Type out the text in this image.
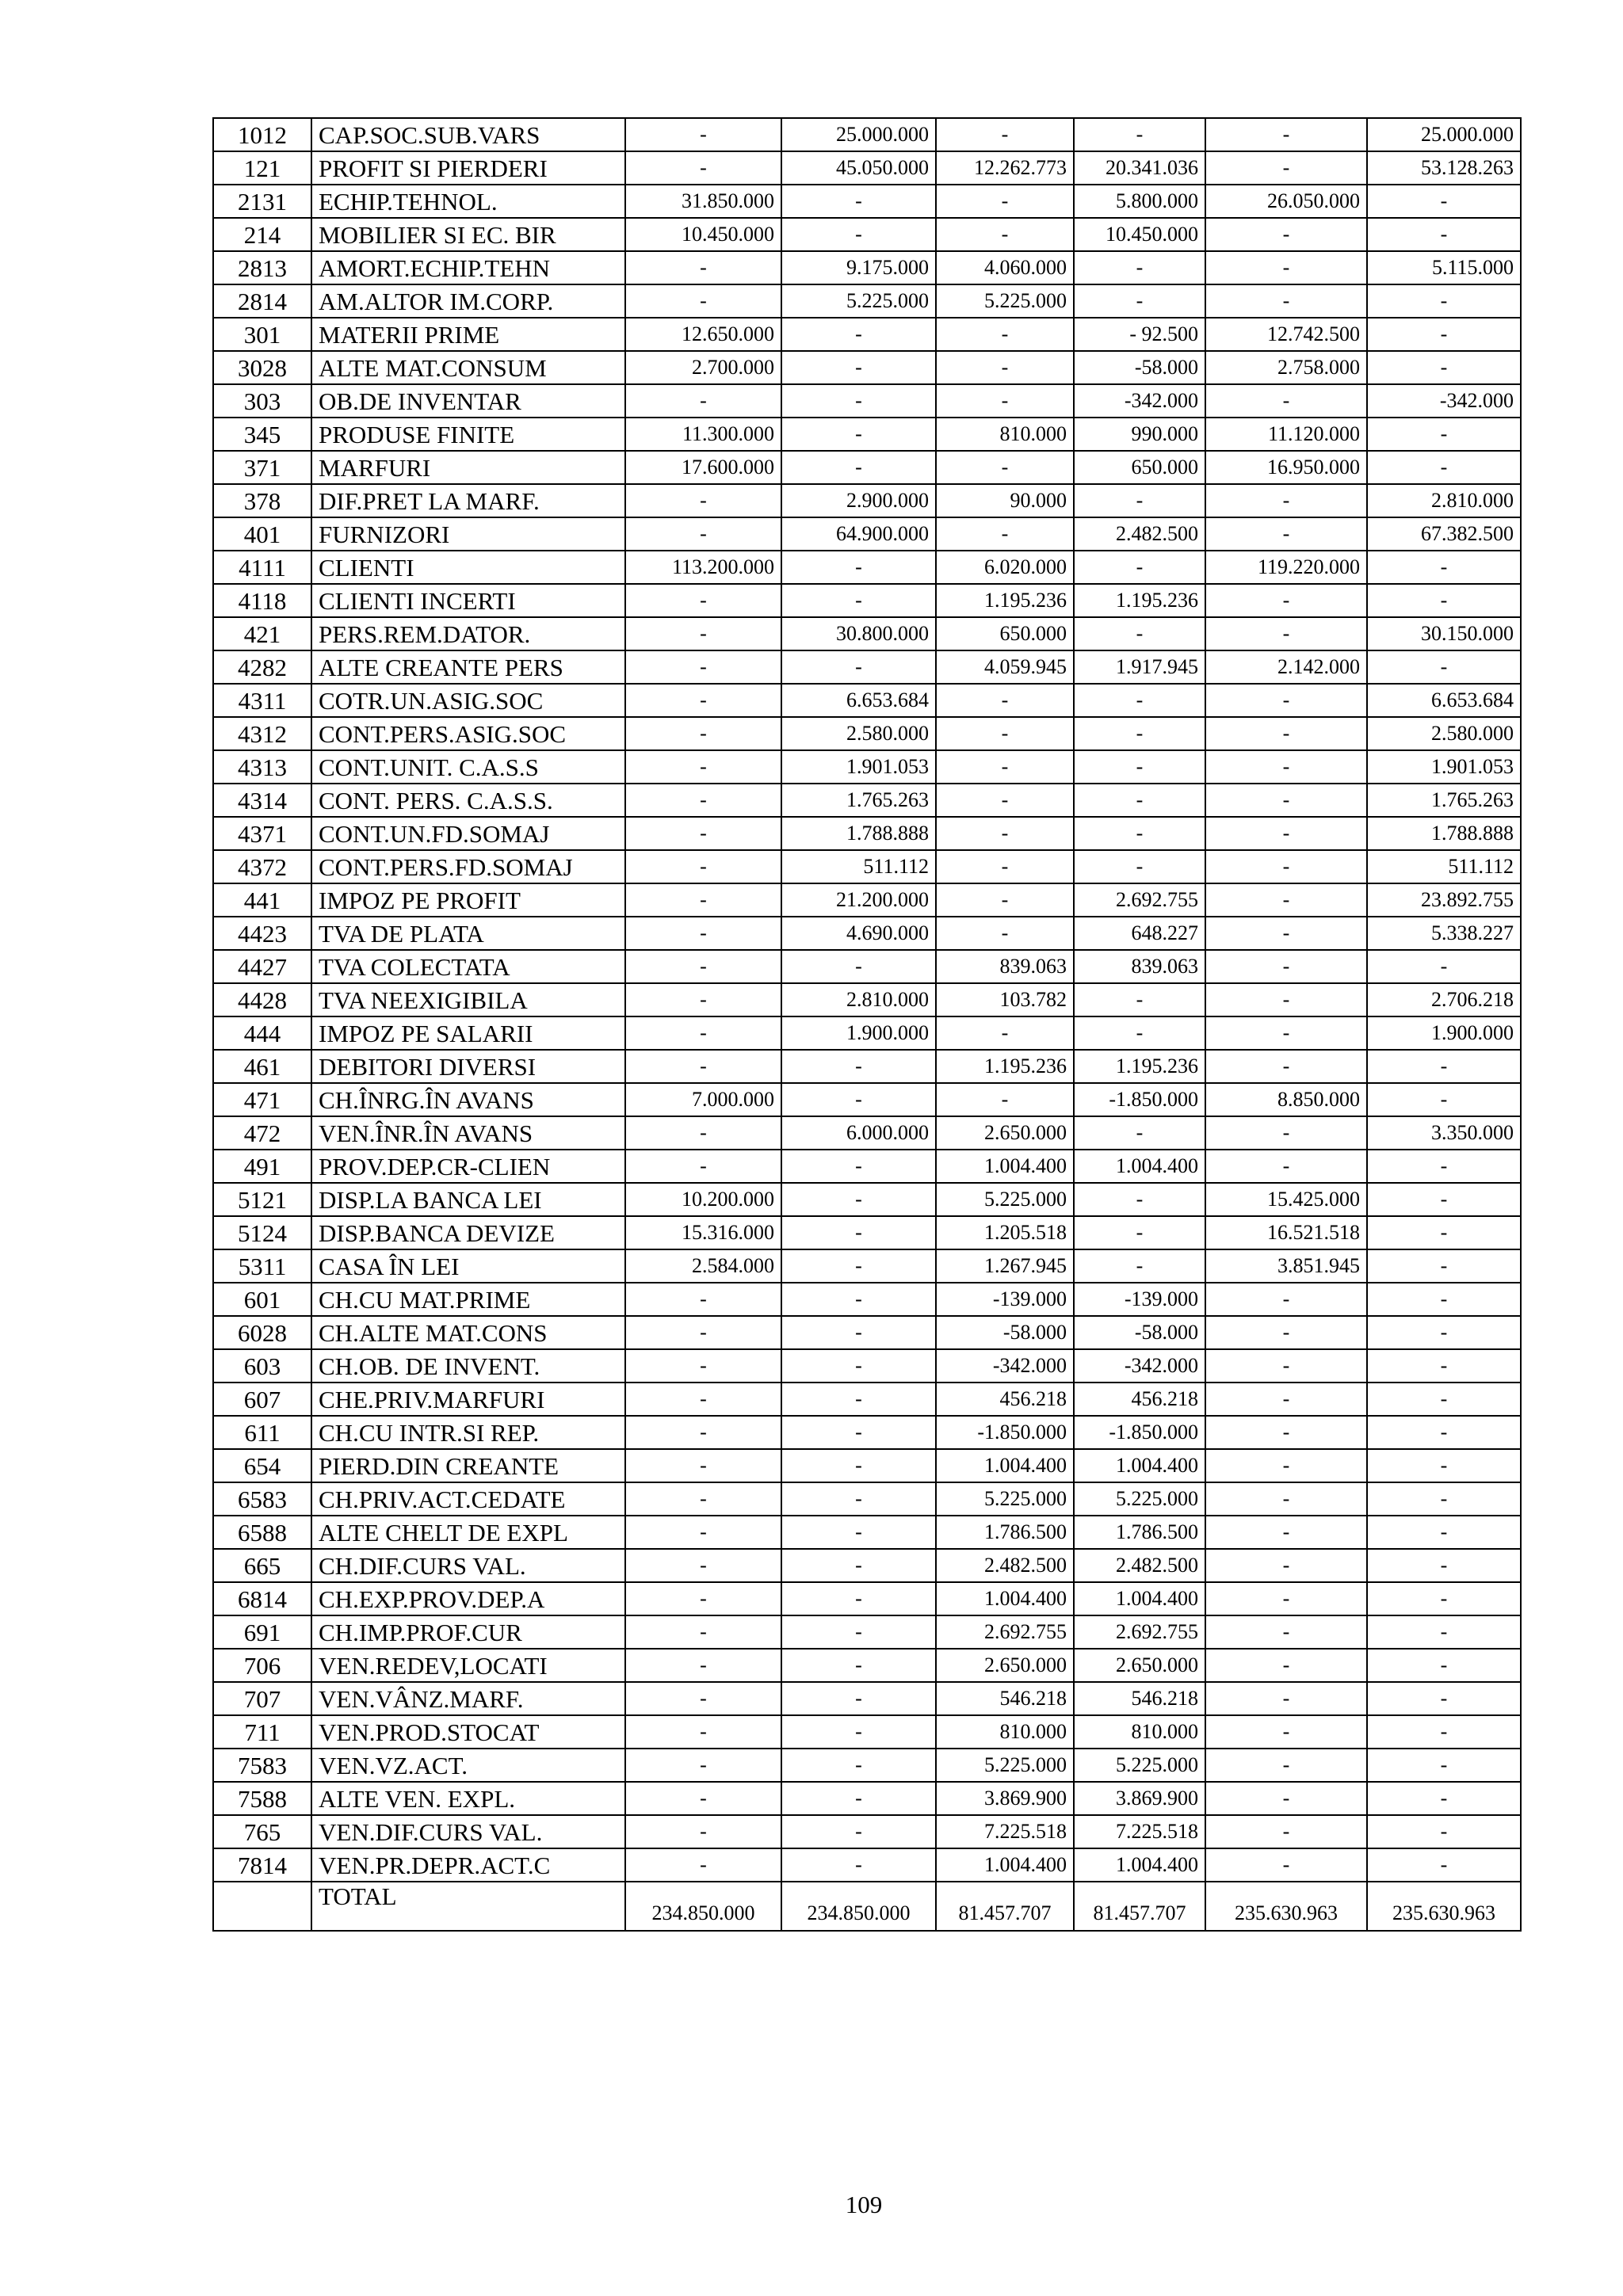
1012	CAP.SOC.SUB.VARS	-	25.000.000	-	-	-	25.000.000
121	PROFIT SI PIERDERI	-	45.050.000	12.262.773	20.341.036	-	53.128.263
2131	ECHIP.TEHNOL.	31.850.000	-	-	5.800.000	26.050.000	-
214	MOBILIER SI EC. BIR	10.450.000	-	-	10.450.000	-	-
2813	AMORT.ECHIP.TEHN	-	9.175.000	4.060.000	-	-	5.115.000
2814	AM.ALTOR IM.CORP.	-	5.225.000	5.225.000	-	-	-
301	MATERII PRIME	12.650.000	-	-	- 92.500	12.742.500	-
3028	ALTE MAT.CONSUM	2.700.000	-	-	-58.000	2.758.000	-
303	OB.DE INVENTAR	-	-	-	-342.000	-	-342.000
345	PRODUSE FINITE	11.300.000	-	810.000	990.000	11.120.000	-
371	MARFURI	17.600.000	-	-	650.000	16.950.000	-
378	DIF.PRET LA MARF.	-	2.900.000	90.000	-	-	2.810.000
401	FURNIZORI	-	64.900.000	-	2.482.500	-	67.382.500
4111	CLIENTI	113.200.000	-	6.020.000	-	119.220.000	-
4118	CLIENTI INCERTI	-	-	1.195.236	1.195.236	-	-
421	PERS.REM.DATOR.	-	30.800.000	650.000	-	-	30.150.000
4282	ALTE CREANTE PERS	-	-	4.059.945	1.917.945	2.142.000	-
4311	COTR.UN.ASIG.SOC	-	6.653.684	-	-	-	6.653.684
4312	CONT.PERS.ASIG.SOC	-	2.580.000	-	-	-	2.580.000
4313	CONT.UNIT. C.A.S.S	-	1.901.053	-	-	-	1.901.053
4314	CONT. PERS. C.A.S.S.	-	1.765.263	-	-	-	1.765.263
4371	CONT.UN.FD.SOMAJ	-	1.788.888	-	-	-	1.788.888
4372	CONT.PERS.FD.SOMAJ	-	511.112	-	-	-	511.112
441	IMPOZ PE PROFIT	-	21.200.000	-	2.692.755	-	23.892.755
4423	TVA DE PLATA	-	4.690.000	-	648.227	-	5.338.227
4427	TVA COLECTATA	-	-	839.063	839.063	-	-
4428	TVA NEEXIGIBILA	-	2.810.000	103.782	-	-	2.706.218
444	IMPOZ PE SALARII	-	1.900.000	-	-	-	1.900.000
461	DEBITORI DIVERSI	-	-	1.195.236	1.195.236	-	-
471	CH.ÎNRG.ÎN AVANS	7.000.000	-	-	-1.850.000	8.850.000	-
472	VEN.ÎNR.ÎN AVANS	-	6.000.000	2.650.000	-	-	3.350.000
491	PROV.DEP.CR-CLIEN	-	-	1.004.400	1.004.400	-	-
5121	DISP.LA BANCA LEI	10.200.000	-	5.225.000	-	15.425.000	-
5124	DISP.BANCA DEVIZE	15.316.000	-	1.205.518	-	16.521.518	-
5311	CASA ÎN LEI	2.584.000	-	1.267.945	-	3.851.945	-
601	CH.CU MAT.PRIME	-	-	-139.000	-139.000	-	-
6028	CH.ALTE MAT.CONS	-	-	-58.000	-58.000	-	-
603	CH.OB. DE INVENT.	-	-	-342.000	-342.000	-	-
607	CHE.PRIV.MARFURI	-	-	456.218	456.218	-	-
611	CH.CU INTR.SI REP.	-	-	-1.850.000	-1.850.000	-	-
654	PIERD.DIN CREANTE	-	-	1.004.400	1.004.400	-	-
6583	CH.PRIV.ACT.CEDATE	-	-	5.225.000	5.225.000	-	-
6588	ALTE CHELT DE EXPL	-	-	1.786.500	1.786.500	-	-
665	CH.DIF.CURS VAL.	-	-	2.482.500	2.482.500	-	-
6814	CH.EXP.PROV.DEP.A	-	-	1.004.400	1.004.400	-	-
691	CH.IMP.PROF.CUR	-	-	2.692.755	2.692.755	-	-
706	VEN.REDEV,LOCATI	-	-	2.650.000	2.650.000	-	-
707	VEN.VÂNZ.MARF.	-	-	546.218	546.218	-	-
711	VEN.PROD.STOCAT	-	-	810.000	810.000	-	-
7583	VEN.VZ.ACT.	-	-	5.225.000	5.225.000	-	-
7588	ALTE VEN. EXPL.	-	-	3.869.900	3.869.900	-	-
765	VEN.DIF.CURS VAL.	-	-	7.225.518	7.225.518	-	-
7814	VEN.PR.DEPR.ACT.C	-	-	1.004.400	1.004.400	-	-
	TOTAL	234.850.000	234.850.000	81.457.707	81.457.707	235.630.963	235.630.963
109
